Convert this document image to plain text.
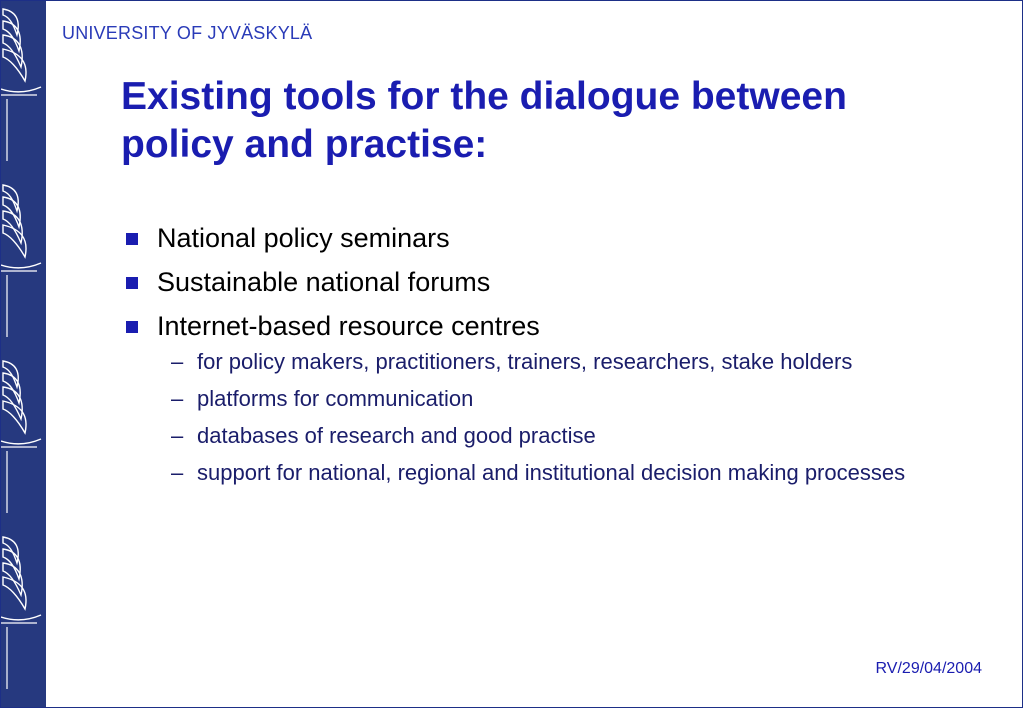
UNIVERSITY OF JYVÄSKYLÄ
Existing tools for the dialogue between policy and practise:
National policy seminars
Sustainable national forums
Internet-based resource centres
– for policy makers, practitioners, trainers, researchers, stake holders
– platforms for communication
– databases of research and good practise
– support for national, regional and institutional decision making processes
RV/29/04/2004
